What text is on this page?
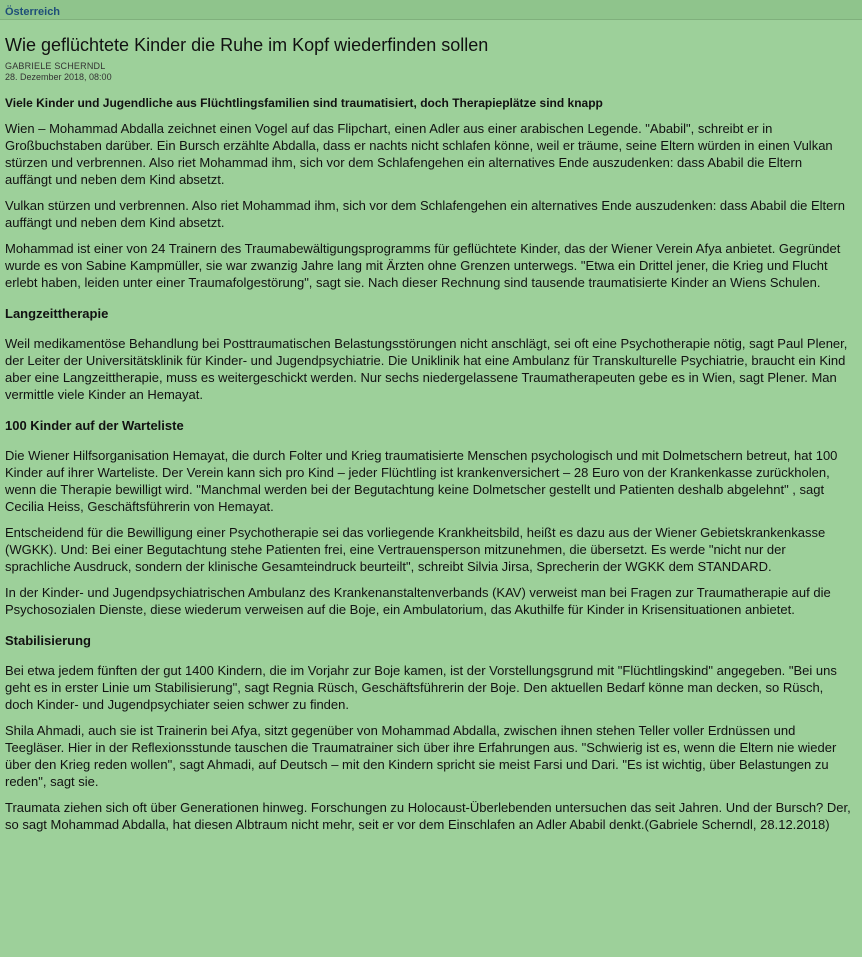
Österreich
Wie geflüchtete Kinder die Ruhe im Kopf wiederfinden sollen

GABRIELE SCHERNDL

28. Dezember 2018, 08:00

Viele Kinder und Jugendliche aus Flüchtlingsfamilien sind traumatisiert, doch Therapieplätze sind knapp

Wien – Mohammad Abdalla zeichnet einen Vogel auf das Flipchart, einen Adler aus einer arabischen Legende. "Ababil", schreibt er in Großbuchstaben darüber. Ein Bursch erzählte Abdalla, dass er nachts nicht schlafen könne, weil er träume, seine Eltern würden in einen Vulkan stürzen und verbrennen. Also riet Mohammad ihm, sich vor dem Schlafengehen ein alternatives Ende auszudenken: dass Ababil die Eltern auffängt und neben dem Kind absetzt.

Vulkan stürzen und verbrennen. Also riet Mohammad ihm, sich vor dem Schlafengehen ein alternatives Ende auszudenken: dass Ababil die Eltern auffängt und neben dem Kind absetzt.

Mohammad ist einer von 24 Trainern des Traumabewältigungsprogramms für geflüchtete Kinder, das der Wiener Verein Afya anbietet. Gegründet wurde es von Sabine Kampmüller, sie war zwanzig Jahre lang mit Ärzten ohne Grenzen unterwegs. "Etwa ein Drittel jener, die Krieg und Flucht erlebt haben, leiden unter einer Traumafolgestörung", sagt sie. Nach dieser Rechnung sind tausende traumatisierte Kinder an Wiens Schulen.

Langzeittherapie

Weil medikamentöse Behandlung bei Posttraumatischen Belastungsstörungen nicht anschlägt, sei oft eine Psychotherapie nötig, sagt Paul Plener, der Leiter der Universitätsklinik für Kinder- und Jugendpsychiatrie. Die Uniklinik hat eine Ambulanz für Transkulturelle Psychiatrie, braucht ein Kind aber eine Langzeittherapie, muss es weitergeschickt werden. Nur sechs niedergelassene Traumatherapeuten gebe es in Wien, sagt Plener. Man vermittle viele Kinder an Hemayat.

100 Kinder auf der Warteliste

Die Wiener Hilfsorganisation Hemayat, die durch Folter und Krieg traumatisierte Menschen psychologisch und mit Dolmetschern betreut, hat 100 Kinder auf ihrer Warteliste. Der Verein kann sich pro Kind – jeder Flüchtling ist krankenversichert – 28 Euro von der Krankenkasse zurückholen, wenn die Therapie bewilligt wird. "Manchmal werden bei der Begutachtung keine Dolmetscher gestellt und Patienten deshalb abgelehnt" , sagt Cecilia Heiss, Geschäftsführerin von Hemayat.

Entscheidend für die Bewilligung einer Psychotherapie sei das vorliegende Krankheitsbild, heißt es dazu aus der Wiener Gebietskrankenkasse (WGKK). Und: Bei einer Begutachtung stehe Patienten frei, eine Vertrauensperson mitzunehmen, die übersetzt. Es werde "nicht nur der sprachliche Ausdruck, sondern der klinische Gesamteindruck beurteilt", schreibt Silvia Jirsa, Sprecherin der WGKK dem STANDARD.

In der Kinder- und Jugendpsychiatrischen Ambulanz des Krankenanstaltenverbands (KAV) verweist man bei Fragen zur Traumatherapie auf die Psychosozialen Dienste, diese wiederum verweisen auf die Boje, ein Ambulatorium, das Akuthilfe für Kinder in Krisensituationen anbietet.

Stabilisierung

Bei etwa jedem fünften der gut 1400 Kindern, die im Vorjahr zur Boje kamen, ist der Vorstellungsgrund mit "Flüchtlingskind" angegeben. "Bei uns geht es in erster Linie um Stabilisierung", sagt Regnia Rüsch, Geschäftsführerin der Boje. Den aktuellen Bedarf könne man decken, so Rüsch, doch Kinder- und Jugendpsychiater seien schwer zu finden.

Shila Ahmadi, auch sie ist Trainerin bei Afya, sitzt gegenüber von Mohammad Abdalla, zwischen ihnen stehen Teller voller Erdnüssen und Teegläser. Hier in der Reflexionsstunde tauschen die Traumatrainer sich über ihre Erfahrungen aus. "Schwierig ist es, wenn die Eltern nie wieder über den Krieg reden wollen", sagt Ahmadi, auf Deutsch – mit den Kindern spricht sie meist Farsi und Dari. "Es ist wichtig, über Belastungen zu reden", sagt sie.

Traumata ziehen sich oft über Generationen hinweg. Forschungen zu Holocaust-Überlebenden untersuchen das seit Jahren. Und der Bursch? Der, so sagt Mohammad Abdalla, hat diesen Albtraum nicht mehr, seit er vor dem Einschlafen an Adler Ababil denkt.(Gabriele Scherndl, 28.12.2018)
